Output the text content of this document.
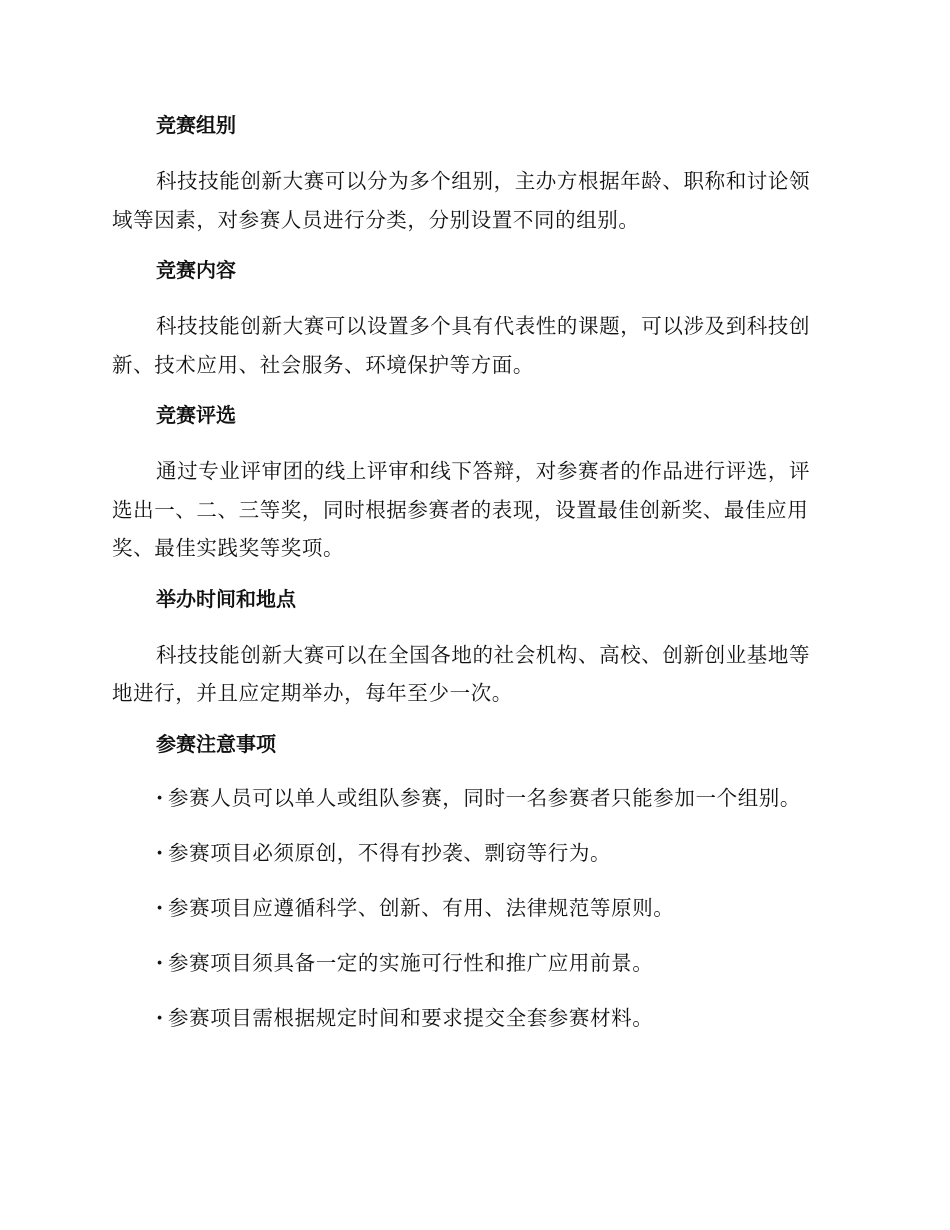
竞赛组别
科技技能创新大赛可以分为多个组别，主办方根据年龄、职称和讨论领域等因素，对参赛人员进行分类，分别设置不同的组别。
竞赛内容
科技技能创新大赛可以设置多个具有代表性的课题，可以涉及到科技创新、技术应用、社会服务、环境保护等方面。
竞赛评选
通过专业评审团的线上评审和线下答辩，对参赛者的作品进行评选，评选出一、二、三等奖，同时根据参赛者的表现，设置最佳创新奖、最佳应用奖、最佳实践奖等奖项。
举办时间和地点
科技技能创新大赛可以在全国各地的社会机构、高校、创新创业基地等地进行，并且应定期举办，每年至少一次。
参赛注意事项
· 参赛人员可以单人或组队参赛，同时一名参赛者只能参加一个组别。
· 参赛项目必须原创，不得有抄袭、剽窃等行为。
· 参赛项目应遵循科学、创新、有用、法律规范等原则。
· 参赛项目须具备一定的实施可行性和推广应用前景。
· 参赛项目需根据规定时间和要求提交全套参赛材料。
